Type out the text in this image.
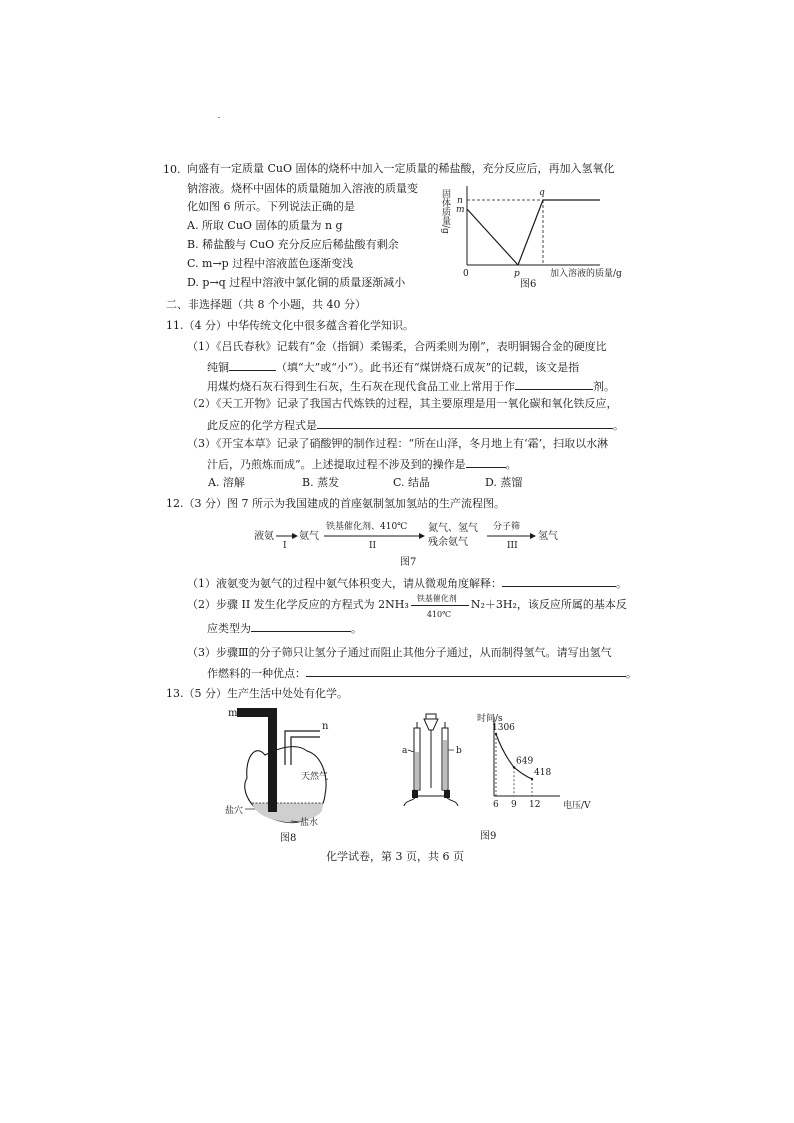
10. 向盛有一定质量 CuO 固体的烧杯中加入一定质量的稀盐酸，充分反应后，再加入氢氧化
钠溶液。烧杯中固体的质量随加入溶液的质量变
化如图 6 所示。下列说法正确的是
A. 所取 CuO 固体的质量为 n g
B. 稀盐酸与 CuO 充分反应后稀盐酸有剩余
C. m→p 过程中溶液蓝色逐渐变浅
D. p→q 过程中溶液中氯化铜的质量逐渐减小
固体质量/g n
m
q
0	p	加入溶液的质量/g
图6
二、非选择题（共 8 个小题，共 40 分）
11.（4 分）中华传统文化中很多蕴含着化学知识。
（1）《吕氏春秋》记载有“金（指铜）柔锡柔，合两柔则为刚”，表明铜锡合金的硬度比
纯铜	（填“大”或“小”）。此书还有“煤饼烧石成灰”的记载，该文是指
用煤灼烧石灰石得到生石灰，生石灰在现代食品工业上常用于作	剂。
（2）《天工开物》记录了我国古代炼铁的过程，其主要原理是用一氧化碳和氧化铁反应，
此反应的化学方程式是	。
（3）《开宝本草》记录了硝酸钾的制作过程：“所在山泽，冬月地上有‘霜’，扫取以水淋
汁后，乃煎炼而成”。上述提取过程不涉及到的操作是	。
A. 溶解	B. 蒸发	C. 结晶	D. 蒸馏
12.（3 分）图 7 所示为我国建成的首座氨制氢加氢站的生产流程图。
液氨
I
氨气
铁基催化剂、410℃
II
氮气、氢气
残余氨气
分子筛
III
氢气
图7
（1）液氨变为氨气的过程中氨气体积变大，请从微观角度解释：	。
（2）步骤 II 发生化学反应的方程式为 2NH₃ 铁基催化剂
410℃
N₂＋3H₂，该反应所属的基本反
应类型为	。
（3）步骤Ⅲ的分子筛只让氢分子通过而阻止其他分子通过，从而制得氢气。请写出氢气
作燃料的一种优点：	。
13.（5 分）生产生活中处处有化学。
m
n
天然气
盐穴
盐水
图8
a	b
时间/s
电压/V
1306
6
649
9
418
12
图9
化学试卷，第 3 页，共 6 页
